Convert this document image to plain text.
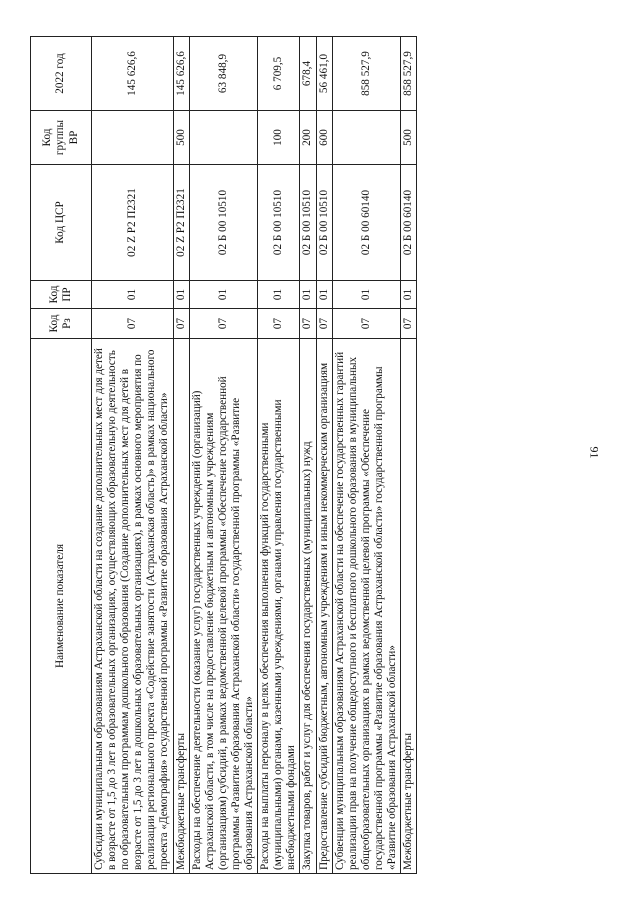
91
Наименование показателя	Код Рз	Код ПР	Код ЦСР	Код группы ВР	2022 год
Субсидии муниципальным образованиям Астраханской области на создание дополнительных мест для детей в возрасте от 1,5 до 3 лет в образовательных организациях, осуществляющих образовательную деятельность по образовательным программам дошкольного образования (Создание дополнительных мест для детей в возрасте от 1,5 до 3 лет в дошкольных образовательных организациях), в рамках основного мероприятия по реализации регионального проекта «Содействие занятости (Астраханская область)» в рамках национального проекта «Демография» государственной программы «Развитие образования Астраханской области»	07	01	02 Z P2 П2321		145 626,6
Межбюджетные трансферты	07	01	02 Z P2 П2321	500	145 626,6
Расходы на обеспечение деятельности (оказание услуг) государственных учреждений (организаций) Астраханской области, в том числе на предоставление бюджетным и автономным учреждениям (организациям) субсидий, в рамках ведомственной целевой программы «Обеспечение государственной программы «Развитие образования Астраханской области» государственной программы «Развитие образования Астраханской области»	07	01	02 Б 00 10510		63 848,9
Расходы на выплаты персоналу в целях обеспечения выполнения функций государственными (муниципальными) органами, казенными учреждениями, органами управления государственными внебюджетными фондами	07	01	02 Б 00 10510	100	6 709,5
Закупка товаров, работ и услуг для обеспечения государственных (муниципальных) нужд	07	01	02 Б 00 10510	200	678,4
Предоставление субсидий бюджетным, автономным учреждениям и иным некоммерческим организациям	07	01	02 Б 00 10510	600	56 461,0
Субвенции муниципальным образованиям Астраханской области на обеспечение государственных гарантий реализации прав на получение общедоступного и бесплатного дошкольного образования в муниципальных общеобразовательных организациях в рамках ведомственной целевой программы «Обеспечение государственной программы «Развитие образования Астраханской области» государственной программы «Развитие образования Астраханской области»	07	01	02 Б 00 60140		858 527,9
Межбюджетные трансферты	07	01	02 Б 00 60140	500	858 527,9
